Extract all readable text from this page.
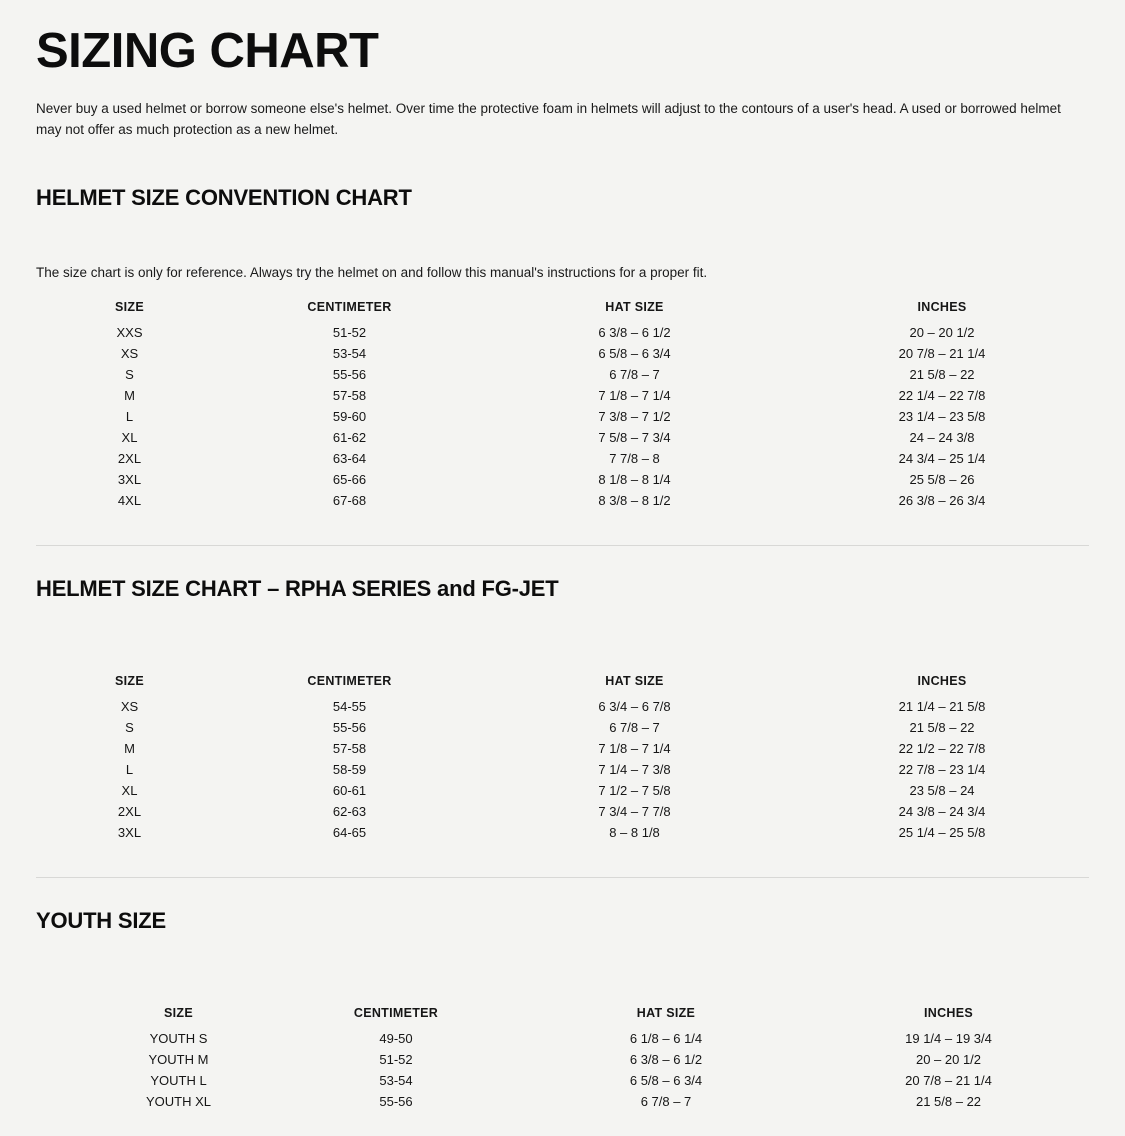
SIZING CHART

Never buy a used helmet or borrow someone else's helmet. Over time the protective foam in helmets will adjust to the contours of a user's head. A used or borrowed helmet may not offer as much protection as a new helmet.

HELMET SIZE CONVENTION CHART

The size chart is only for reference. Always try the helmet on and follow this manual's instructions for a proper fit.

SIZE	CENTIMETER	HAT SIZE	INCHES
XXS	51-52	6 3/8 – 6 1/2	20 – 20 1/2
XS	53-54	6 5/8 – 6 3/4	20 7/8 – 21 1/4
S	55-56	6 7/8 – 7	21 5/8 – 22
M	57-58	7 1/8 – 7 1/4	22 1/4 – 22 7/8
L	59-60	7 3/8 – 7 1/2	23 1/4 – 23 5/8
XL	61-62	7 5/8 – 7 3/4	24 – 24 3/8
2XL	63-64	7 7/8 – 8	24 3/4 – 25 1/4
3XL	65-66	8 1/8 – 8 1/4	25 5/8 – 26
4XL	67-68	8 3/8 – 8 1/2	26 3/8 – 26 3/4
HELMET SIZE CHART – RPHA SERIES and FG-JET
SIZE	CENTIMETER	HAT SIZE	INCHES
XS	54-55	6 3/4 – 6 7/8	21 1/4 – 21 5/8
S	55-56	6 7/8 – 7	21 5/8 – 22
M	57-58	7 1/8 – 7 1/4	22 1/2 – 22 7/8
L	58-59	7 1/4 – 7 3/8	22 7/8 – 23 1/4
XL	60-61	7 1/2 – 7 5/8	23 5/8 – 24
2XL	62-63	7 3/4 – 7 7/8	24 3/8 – 24 3/4
3XL	64-65	8 – 8 1/8	25 1/4 – 25 5/8
YOUTH SIZE
SIZE	CENTIMETER	HAT SIZE	INCHES
YOUTH S	49-50	6 1/8 – 6 1/4	19 1/4 – 19 3/4
YOUTH M	51-52	6 3/8 – 6 1/2	20 – 20 1/2
YOUTH L	53-54	6 5/8 – 6 3/4	20 7/8 – 21 1/4
YOUTH XL	55-56	6 7/8 – 7	21 5/8 – 22
